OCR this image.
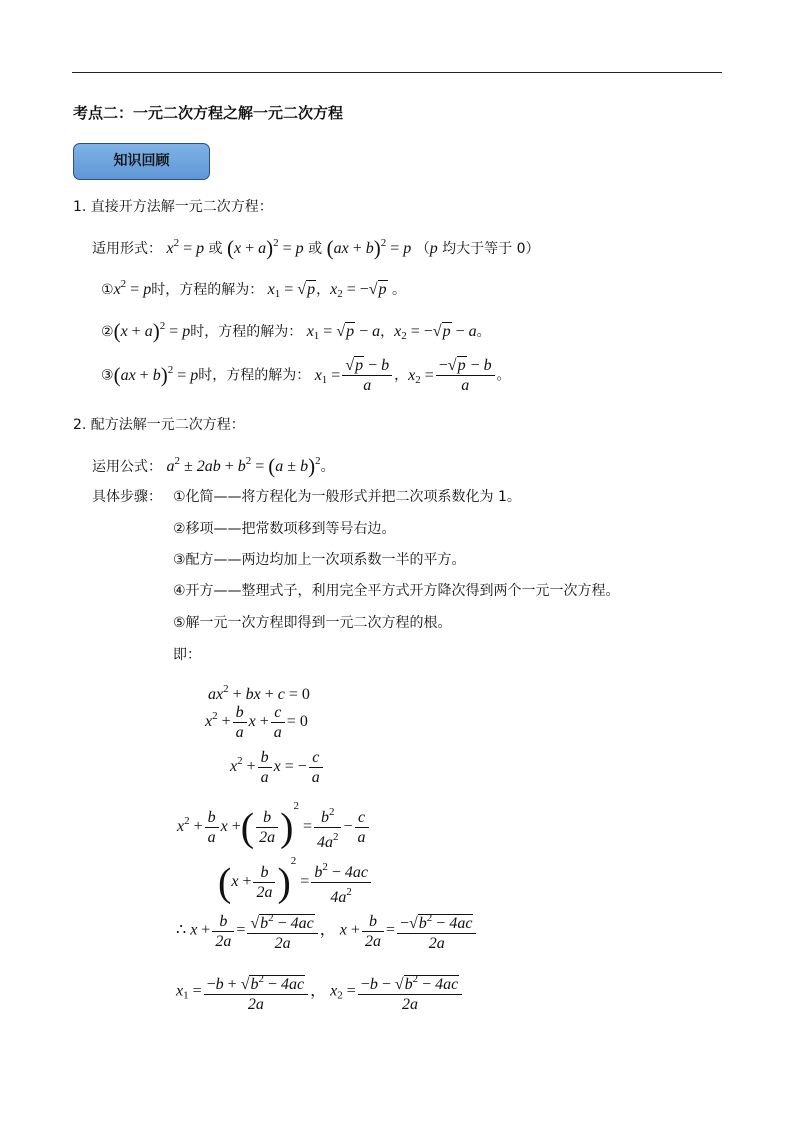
考点二：一元二次方程之解一元二次方程
知识回顾
1. 直接开方法解一元二次方程：
适用形式： $x^2 = p$ 或 $(x + a)^2 = p$ 或 (ax + b)$^2$ = p （p 均大于等于 0）
$①x^2 = p$时，方程的解为： $x_1 = √p$，$x_2 = -√p$ 。
②(x + a)$^2$ = p时，方程的解为： $x_1 = √p - a$，$x_2 = -√p - a$。
③(ax + b)$^2$ = p时，方程的解为： $x_1 = \frac{√p - b}{a}$ ，$x_2 = \frac{-√p - b}{a}$ 。
2. 配方法解一元二次方程：
运用公式： $a^2 \pm 2ab + b^2 = (a \pm b)^2$。
具体步骤： ①化简——将方程化为一般形式并把二次项系数化为 1。
②移项——把常数项移到等号右边。
③配方——两边均加上一次项系数一半的平方。
④开方——整理式子，利用完全平方式开方降次得到两个一元一次方程。
⑤解一元一次方程即得到一元二次方程的根。
即：
$ax^2$ + bx + c = 0
$x^2 + \frac{b}{a}$ $x + \frac{c}{a} = 0$
$x^2 + \frac{b}{a}$ x = − $\frac{c}{a}$
$x^2 + \frac{b}{a}$ x +( $\frac{b}{2a} )^2 = \frac{b^2}{4a^2} - \frac{c}{a}$
$(x + \frac{b}{2a} )^2 = \frac{b^2 - 4ac}{4a^2}$
∴ $x + \frac{b}{2a} = \frac{√b^2 - 4ac}{2a}$ ， $x + \frac{b}{2a} = \frac{-√b^2 - 4ac}{2a}$
$x_1 = \frac{-b + √b^2 - 4ac}{2a}$ ， $x_2 = \frac{-b - √b^2 - 4ac}{2a}$
